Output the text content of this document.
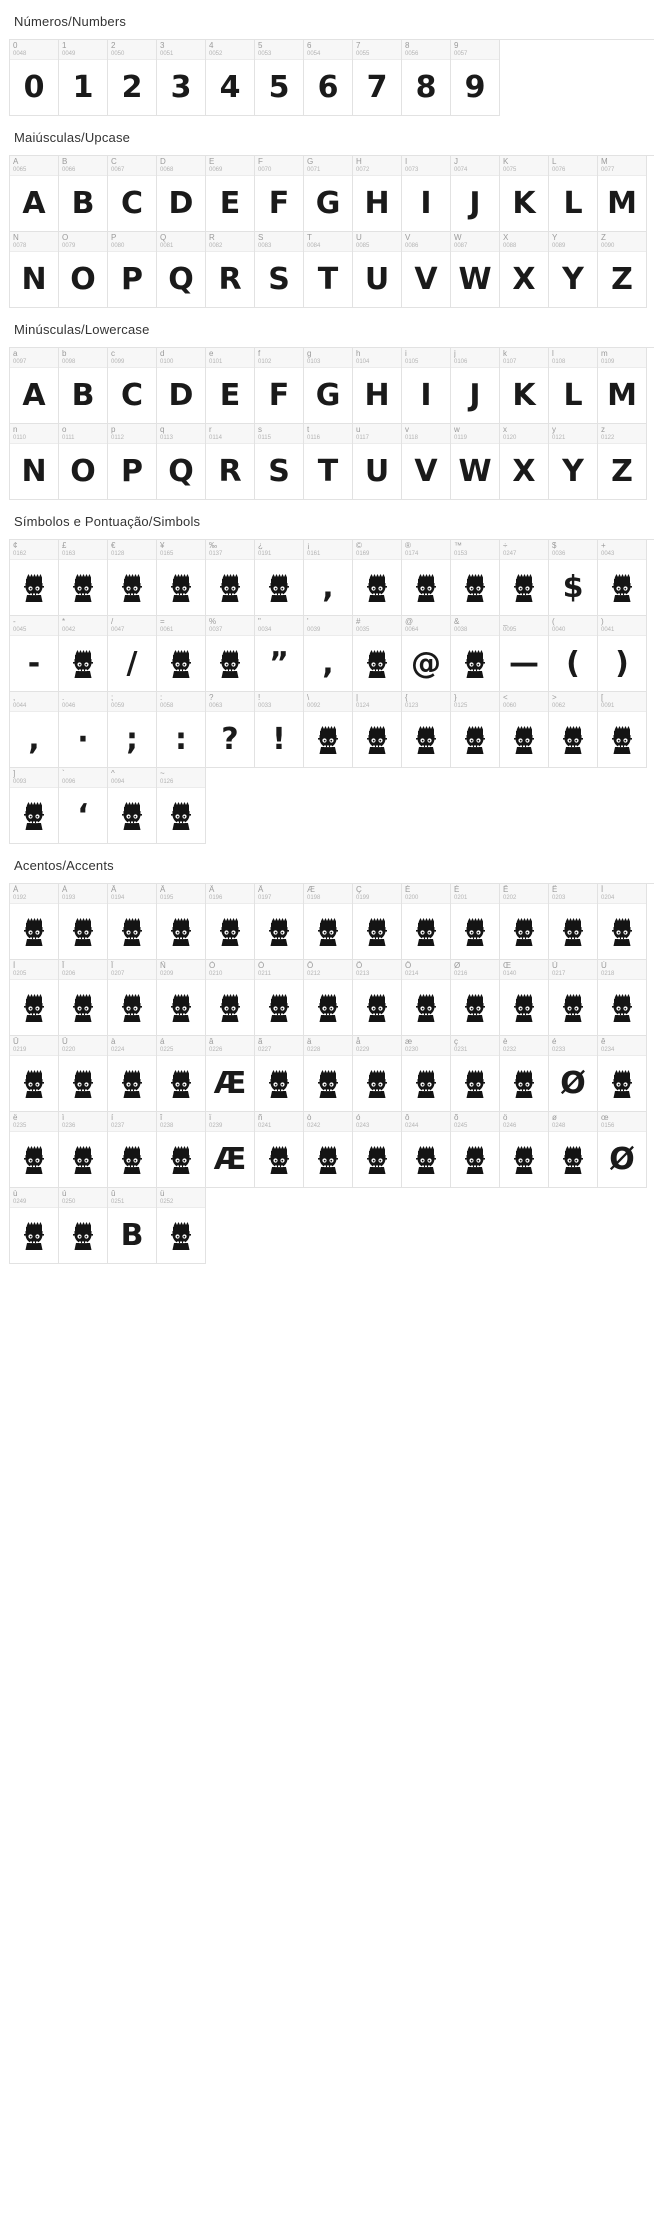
Números/Numbers
0
0048
0
1
0049
1
2
0050
2
3
0051
3
4
0052
4
5
0053
5
6
0054
6
7
0055
7
8
0056
8
9
0057
9
Maiúsculas/Upcase
A
0065
A
B
0066
B
C
0067
C
D
0068
D
E
0069
E
F
0070
F
G
0071
G
H
0072
H
I
0073
I
J
0074
J
K
0075
K
L
0076
L
M
0077
M
N
0078
N
O
0079
O
P
0080
P
Q
0081
Q
R
0082
R
S
0083
S
T
0084
T
U
0085
U
V
0086
V
W
0087
W
X
0088
X
Y
0089
Y
Z
0090
Z
Minúsculas/Lowercase
a
0097
A
b
0098
B
c
0099
C
d
0100
D
e
0101
E
f
0102
F
g
0103
G
h
0104
H
i
0105
I
j
0106
J
k
0107
K
l
0108
L
m
0109
M
n
0110
N
o
0111
O
p
0112
P
q
0113
Q
r
0114
R
s
0115
S
t
0116
T
u
0117
U
v
0118
V
w
0119
W
x
0120
X
y
0121
Y
z
0122
Z
Símbolos e Pontuação/Simbols
¢
0162
£
0163
€
0128
¥
0165
‰
0137
¿
0191
¡
0161
,
©
0169
®
0174
™
0153
÷
0247
$
0036
$
+
0043
-
0045
-
*
0042
/
0047
/
=
0061
%
0037
"
0034
”
'
0039
,
#
0035
@
0064
@
&
0038
_
0095
—
(
0040
(
)
0041
)
,
0044
,
.
0046
·
;
0059
;
:
0058
:
?
0063
?
!
0033
!
\
0092
|
0124
{
0123
}
0125
<
0060
>
0062
[
0091
]
0093
`
0096
‘
^
0094
~
0126
Acentos/Accents
À
0192
Á
0193
Â
0194
Ã
0195
Ä
0196
Å
0197
Æ
0198
Ç
0199
È
0200
É
0201
Ê
0202
Ë
0203
Ì
0204
Í
0205
Î
0206
Ï
0207
Ñ
0209
Ò
0210
Ó
0211
Ô
0212
Õ
0213
Ö
0214
Ø
0216
Œ
0140
Ù
0217
Ú
0218
Û
0219
Ü
0220
à
0224
á
0225
â
0226
Æ
ã
0227
ä
0228
å
0229
æ
0230
ç
0231
è
0232
é
0233
Ø
ê
0234
ë
0235
ì
0236
í
0237
î
0238
ï
0239
Æ
ñ
0241
ò
0242
ó
0243
ô
0244
õ
0245
ö
0246
ø
0248
œ
0156
Ø
ù
0249
ú
0250
û
0251
B
ü
0252
